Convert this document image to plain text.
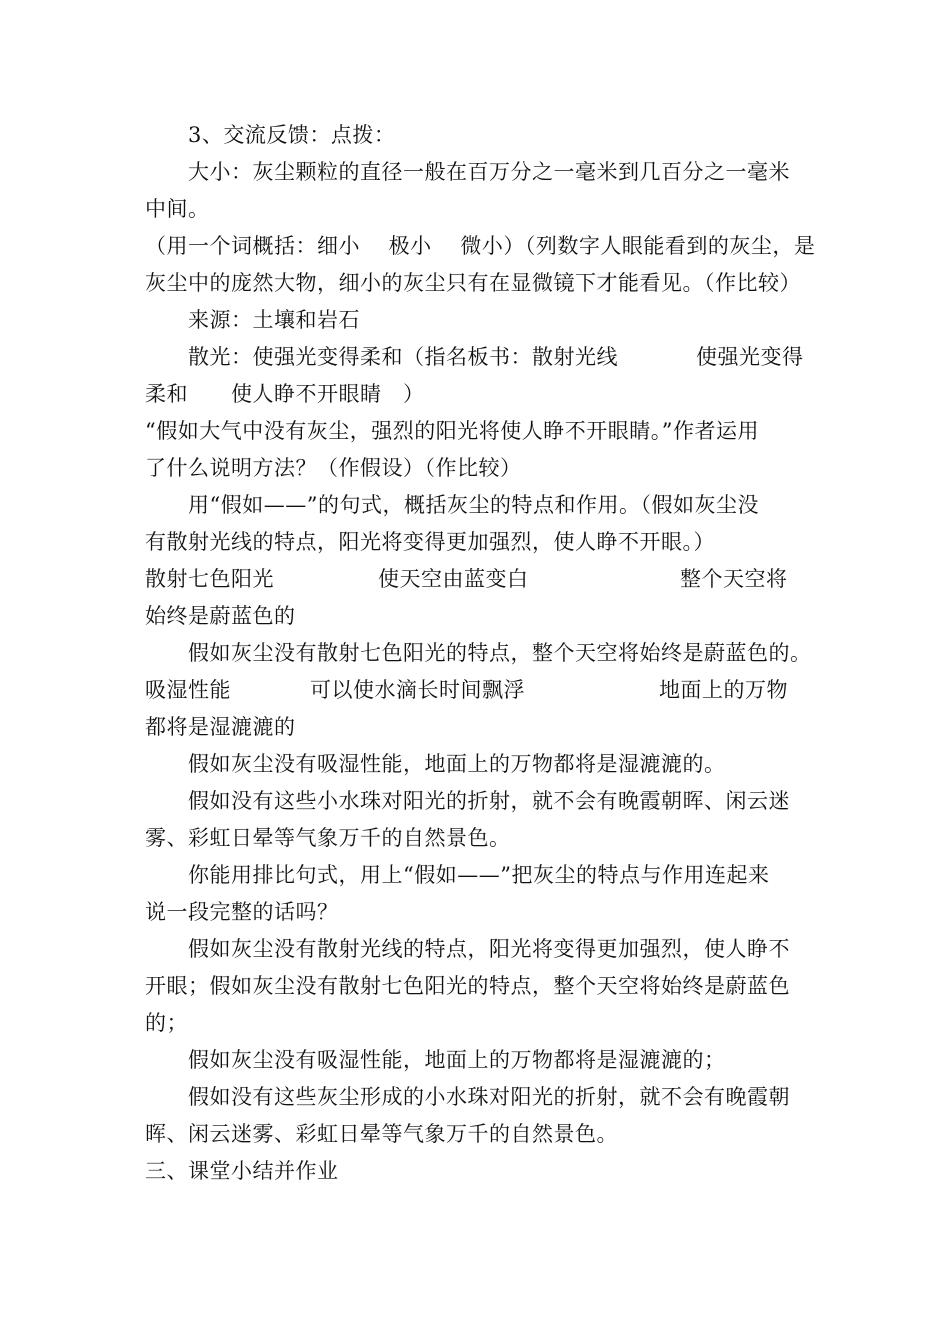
3、交流反馈：点拨：

大小：灰尘颗粒的直径一般在百万分之一毫米到几百分之一毫米

中间。

（用一个词概括：细小　 极小　 微小）（列数字人眼能看到的灰尘，是

灰尘中的庞然大物，细小的灰尘只有在显微镜下才能看见。（作比较）

来源：土壤和岩石

散光：使强光变得柔和（指名板书：散射光线	使强光变得

柔和　　使人睁不开眼睛　）

“假如大气中没有灰尘，强烈的阳光将使人睁不开眼睛。”作者运用

了什么说明方法？（作假设）（作比较）

用“假如——”的句式，概括灰尘的特点和作用。（假如灰尘没

有散射光线的特点，阳光将变得更加强烈，使人睁不开眼。）

散射七色阳光	使天空由蓝变白	整个天空将

始终是蔚蓝色的

假如灰尘没有散射七色阳光的特点，整个天空将始终是蔚蓝色的。

吸湿性能	可以使水滴长时间飘浮	地面上的万物

都将是湿漉漉的

假如灰尘没有吸湿性能，地面上的万物都将是湿漉漉的。

假如没有这些小水珠对阳光的折射，就不会有晚霞朝晖、闲云迷

雾、彩虹日晕等气象万千的自然景色。

你能用排比句式，用上“假如——”把灰尘的特点与作用连起来

说一段完整的话吗？

假如灰尘没有散射光线的特点，阳光将变得更加强烈，使人睁不

开眼；假如灰尘没有散射七色阳光的特点，整个天空将始终是蔚蓝色

的；

假如灰尘没有吸湿性能，地面上的万物都将是湿漉漉的；

假如没有这些灰尘形成的小水珠对阳光的折射，就不会有晚霞朝

晖、闲云迷雾、彩虹日晕等气象万千的自然景色。

三、课堂小结并作业
